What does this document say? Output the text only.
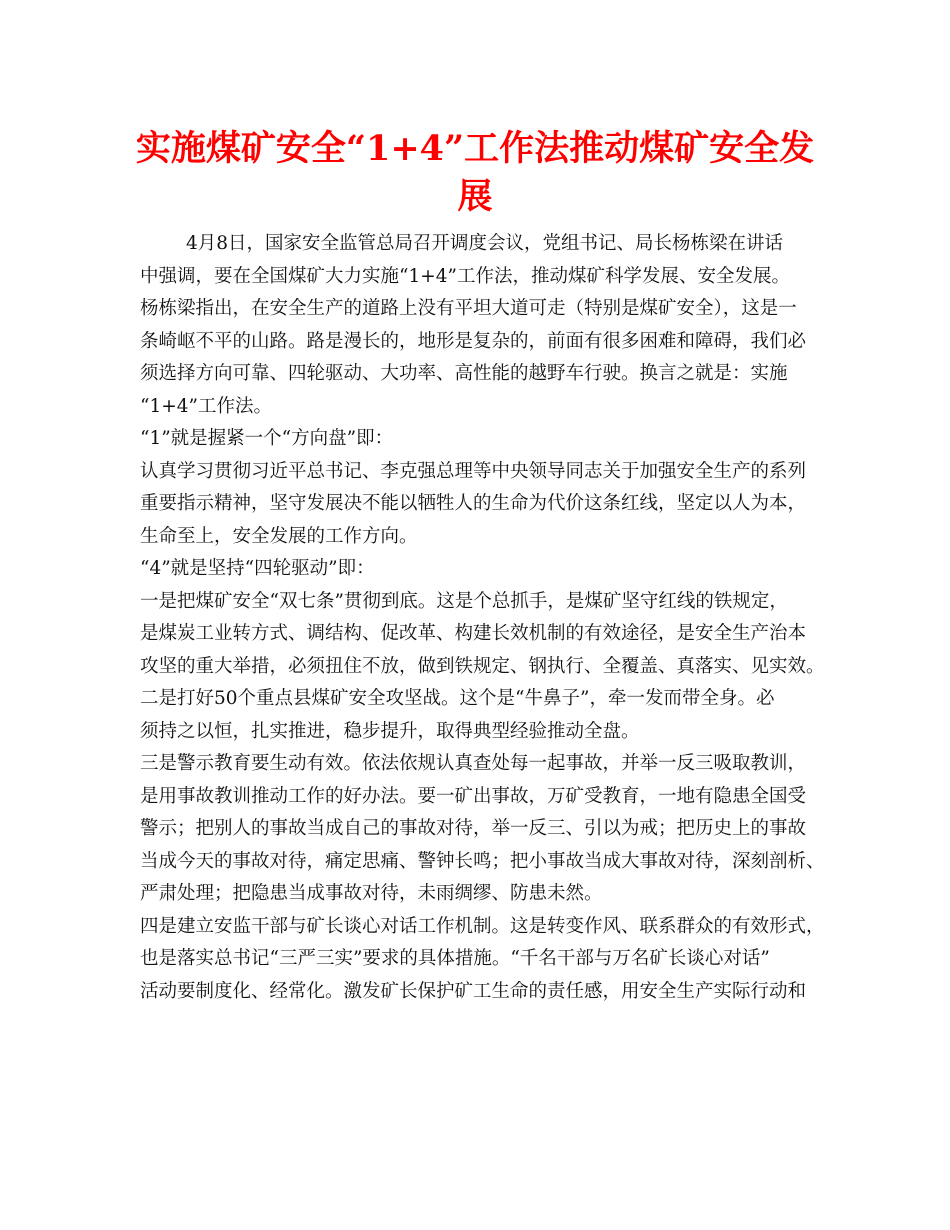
实施煤矿安全“1+4”工作法推动煤矿安全发
展
4月8日，国家安全监管总局召开调度会议，党组书记、局长杨栋梁在讲话
中强调，要在全国煤矿大力实施“1+4”工作法，推动煤矿科学发展、安全发展。
杨栋梁指出，在安全生产的道路上没有平坦大道可走（特别是煤矿安全），这是一
条崎岖不平的山路。路是漫长的，地形是复杂的，前面有很多困难和障碍，我们必
须选择方向可靠、四轮驱动、大功率、高性能的越野车行驶。换言之就是：实施
“1+4”工作法。
“1”就是握紧一个“方向盘”即：
认真学习贯彻习近平总书记、李克强总理等中央领导同志关于加强安全生产的系列
重要指示精神，坚守发展决不能以牺牲人的生命为代价这条红线，坚定以人为本，
生命至上，安全发展的工作方向。
“4”就是坚持“四轮驱动”即：
一是把煤矿安全“双七条”贯彻到底。这是个总抓手，是煤矿坚守红线的铁规定，
是煤炭工业转方式、调结构、促改革、构建长效机制的有效途径，是安全生产治本
攻坚的重大举措，必须扭住不放，做到铁规定、钢执行、全覆盖、真落实、见实效。
二是打好50个重点县煤矿安全攻坚战。这个是“牛鼻子”，牵一发而带全身。必
须持之以恒，扎实推进，稳步提升，取得典型经验推动全盘。
三是警示教育要生动有效。依法依规认真查处每一起事故，并举一反三吸取教训，
是用事故教训推动工作的好办法。要一矿出事故，万矿受教育，一地有隐患全国受
警示；把别人的事故当成自己的事故对待，举一反三、引以为戒；把历史上的事故
当成今天的事故对待，痛定思痛、警钟长鸣；把小事故当成大事故对待，深刻剖析、
严肃处理；把隐患当成事故对待，未雨绸缪、防患未然。
四是建立安监干部与矿长谈心对话工作机制。这是转变作风、联系群众的有效形式，
也是落实总书记“三严三实”要求的具体措施。“千名干部与万名矿长谈心对话”
活动要制度化、经常化。激发矿长保护矿工生命的责任感，用安全生产实际行动和
